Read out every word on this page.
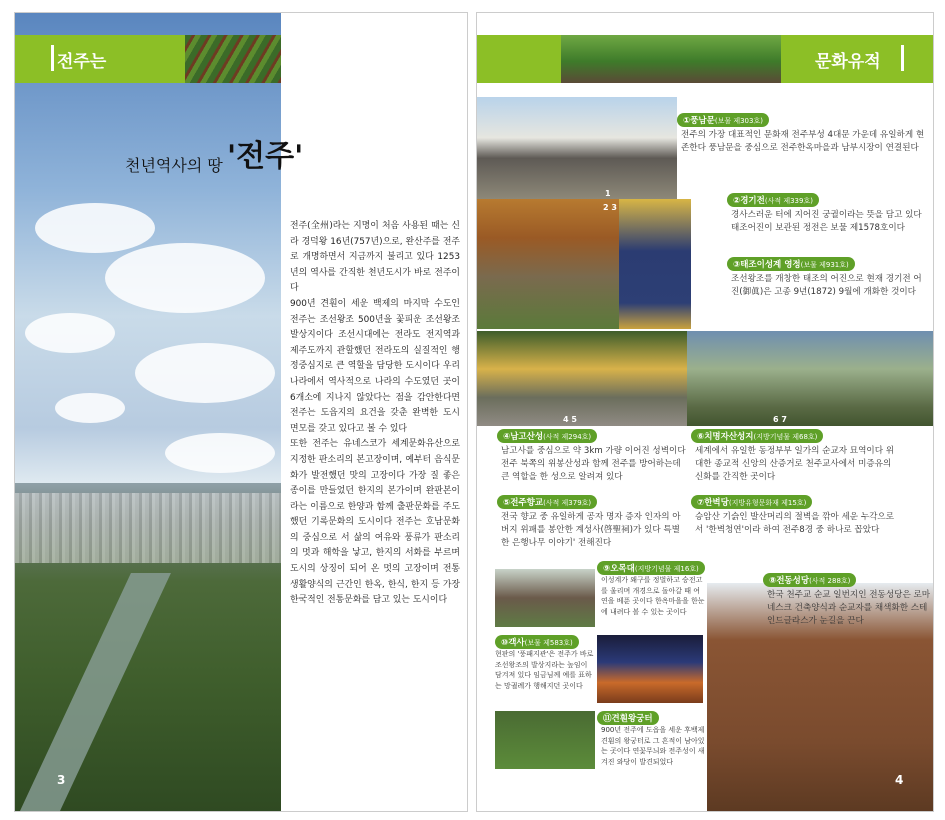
전주는
천년역사의 땅 '전주'

전주(全州)라는 지명이 처음 사용된 때는 신라 경덕왕 16년(757년)으로, 완산주를 전주로 개명하면서 지금까지 불리고 있다 1253년의 역사를 간직한 천년도시가 바로 전주이다

900년 견훤이 세운 백제의 마지막 수도인 전주는 조선왕조 500년을 꽃피운 조선왕조 발상지이다 조선시대에는 전라도 전지역과 제주도까지 관할했던 전라도의 실질적인 행정중심지로 큰 역할을 담당한 도시이다 우리나라에서 역사적으로 나라의 수도였던 곳이 6개소에 지나지 않았다는 점을 감안한다면 전주는 도읍지의 요건을 갖춘 완벽한 도시 면모를 갖고 있다고 볼 수 있다

또한 전주는 유네스코가 세계문화유산으로 지정한 판소리의 본고장이며, 예부터 음식문화가 발전했던 맛의 고장이다 가장 질 좋은 종이를 만들었던 한지의 본가이며 완판본이라는 이름으로 한양과 함께 출판문화를 주도했던 기록문화의 도시이다 전주는 호남문화의 중심으로 서 삶의 여유와 풍류가 판소리의 멋과 해학을 낳고, 한지의 서화를 부르며 도시의 상징이 되어 온 멋의 고장이며 전통생활양식의 근간인 한옥, 한식, 한지 등 가장 한국적인 전통문화를 담고 있는 도시이다

3
문화유적
1
2 3
4 5	6 7
①풍남문(보물 제303호)
전주의 가장 대표적인 문화재 전주부성 4대문 가운데 유일하게 현존한다 풍남문을 중심으로 전주한옥마을과 남부시장이 연결된다
②경기전(사적 제339호)
경사스러운 터에 지어진 궁궐이라는 뜻을 담고 있다 태조어진이 보관된 정전은 보물 제1578호이다
③태조이성계 영정(보물 제931호)
조선왕조를 개창한 태조의 어진으로 현재 경기전 어진(御眞)은 고종 9년(1872) 9월에 개화한 것이다
④남고산성(사적 제294호)
남고사를 중심으로 약 3km 가량 이어진 성벽이다 전주 북쪽의 위봉산성과 함께 전주를 방어하는데 큰 역할을 한 성으로 알려져 있다
⑤전주향교(사적 제379호)
전국 향교 중 유일하게 공자 명자 증자 인자의 아버지 위패를 봉안한 계성사(啓聖祠)가 있다 특별한 은행나무 이야기' 전해진다
⑥치명자산성지(지방기념물 제68호)
세계에서 유일한 동정부부 일가의 순교자 묘역이다 위대한 종교적 신앙의 산증거로 천주교사에서 미증유의 신화를 간직한 곳이다
⑦한벽당(지방유형문화재 제15호)
승암산 기슭인 발산머리의 절벽을 깎아 세운 누각으로서 '한벽청연'이라 하여 전주8경 중 하나로 꼽았다
⑧전동성당(사적 288호)
한국 천주교 순교 일번지인 전동성당은 로마네스크 건축양식과 순교자를 채색화한 스테인드글라스가 눈길을 끈다
⑨오목대(지방기념물 제16호)
이성계가 왜구를 정벌하고 승전고를 울리며 개경으로 돌아갈 때 여연을 베푼 곳이다 한옥마을을 한눈에 내려다 볼 수 있는 곳이다
⑩객사(보물 제583호)
현판의 '풍패지관'은 전주가 바로 조선왕조의 발상지라는 높임이 담겨져 있다 임금님께 예를 표하는 망궐례가 행해지던 곳이다
⑪견훤왕궁터
900년 전주에 도읍을 세운 후백제 견훤의 왕궁터로 그 흔적이 남아있는 곳이다 연꽃무늬와 전주성이 새겨진 와당이 발견되었다
4
